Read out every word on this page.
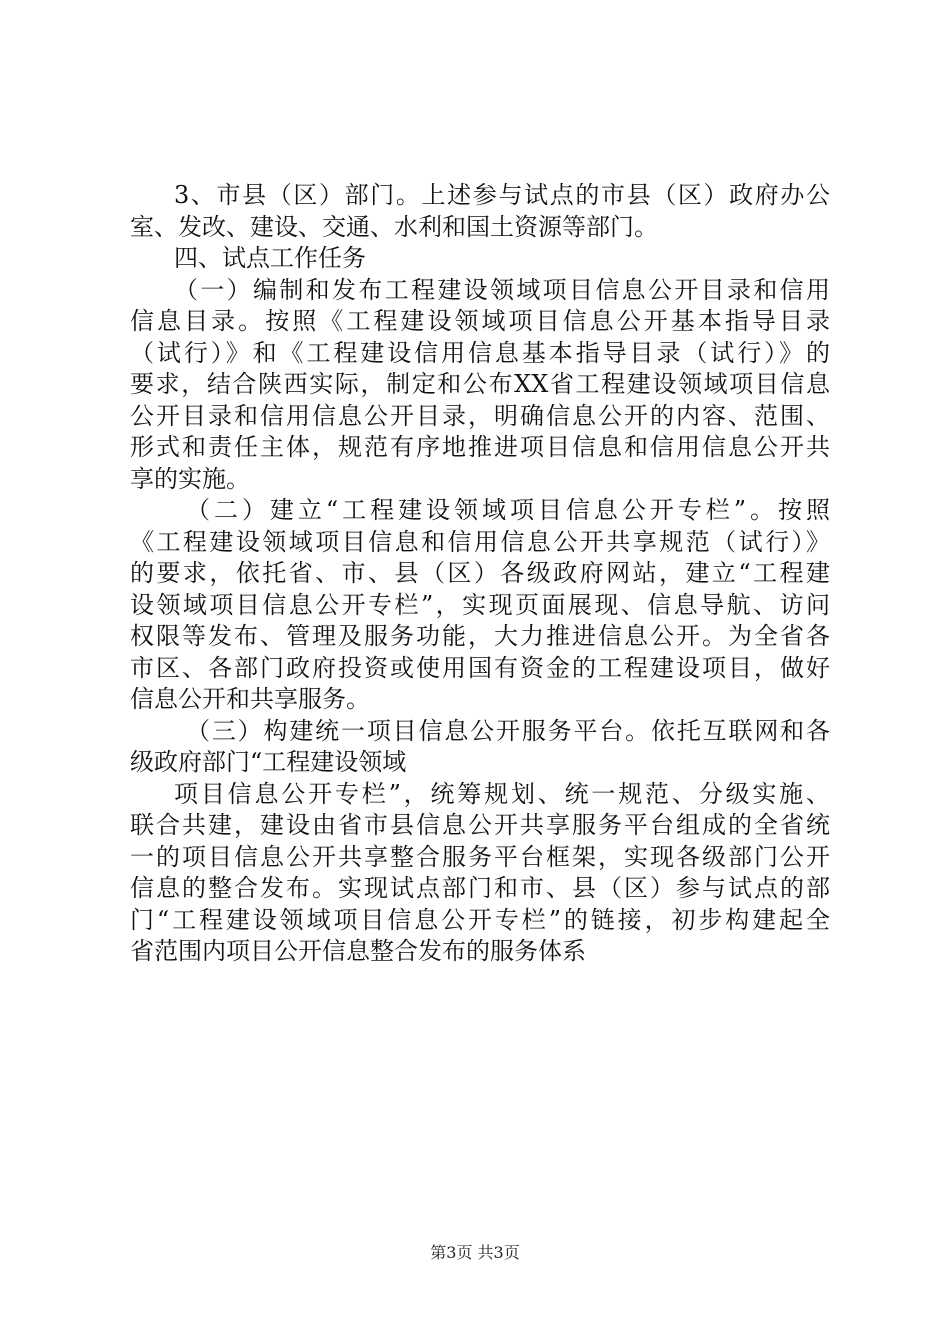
3、市县（区）部门。上述参与试点的市县（区）政府办公
室、发改、建设、交通、水利和国土资源等部门。
四、试点工作任务
（一）编制和发布工程建设领域项目信息公开目录和信用
信息目录。按照《工程建设领域项目信息公开基本指导目录
（试行）》和《工程建设信用信息基本指导目录（试行）》的
要求，结合陕西实际，制定和公布XX省工程建设领域项目信息
公开目录和信用信息公开目录，明确信息公开的内容、范围、
形式和责任主体，规范有序地推进项目信息和信用信息公开共
享的实施。
（二）建立“工程建设领域项目信息公开专栏”。按照
《工程建设领域项目信息和信用信息公开共享规范（试行）》
的要求，依托省、市、县（区）各级政府网站，建立“工程建
设领域项目信息公开专栏”，实现页面展现、信息导航、访问
权限等发布、管理及服务功能，大力推进信息公开。为全省各
市区、各部门政府投资或使用国有资金的工程建设项目，做好
信息公开和共享服务。
（三）构建统一项目信息公开服务平台。依托互联网和各
级政府部门“工程建设领域
项目信息公开专栏”，统筹规划、统一规范、分级实施、
联合共建，建设由省市县信息公开共享服务平台组成的全省统
一的项目信息公开共享整合服务平台框架，实现各级部门公开
信息的整合发布。实现试点部门和市、县（区）参与试点的部
门“工程建设领域项目信息公开专栏”的链接，初步构建起全
省范围内项目公开信息整合发布的服务体系
第3页 共3页
